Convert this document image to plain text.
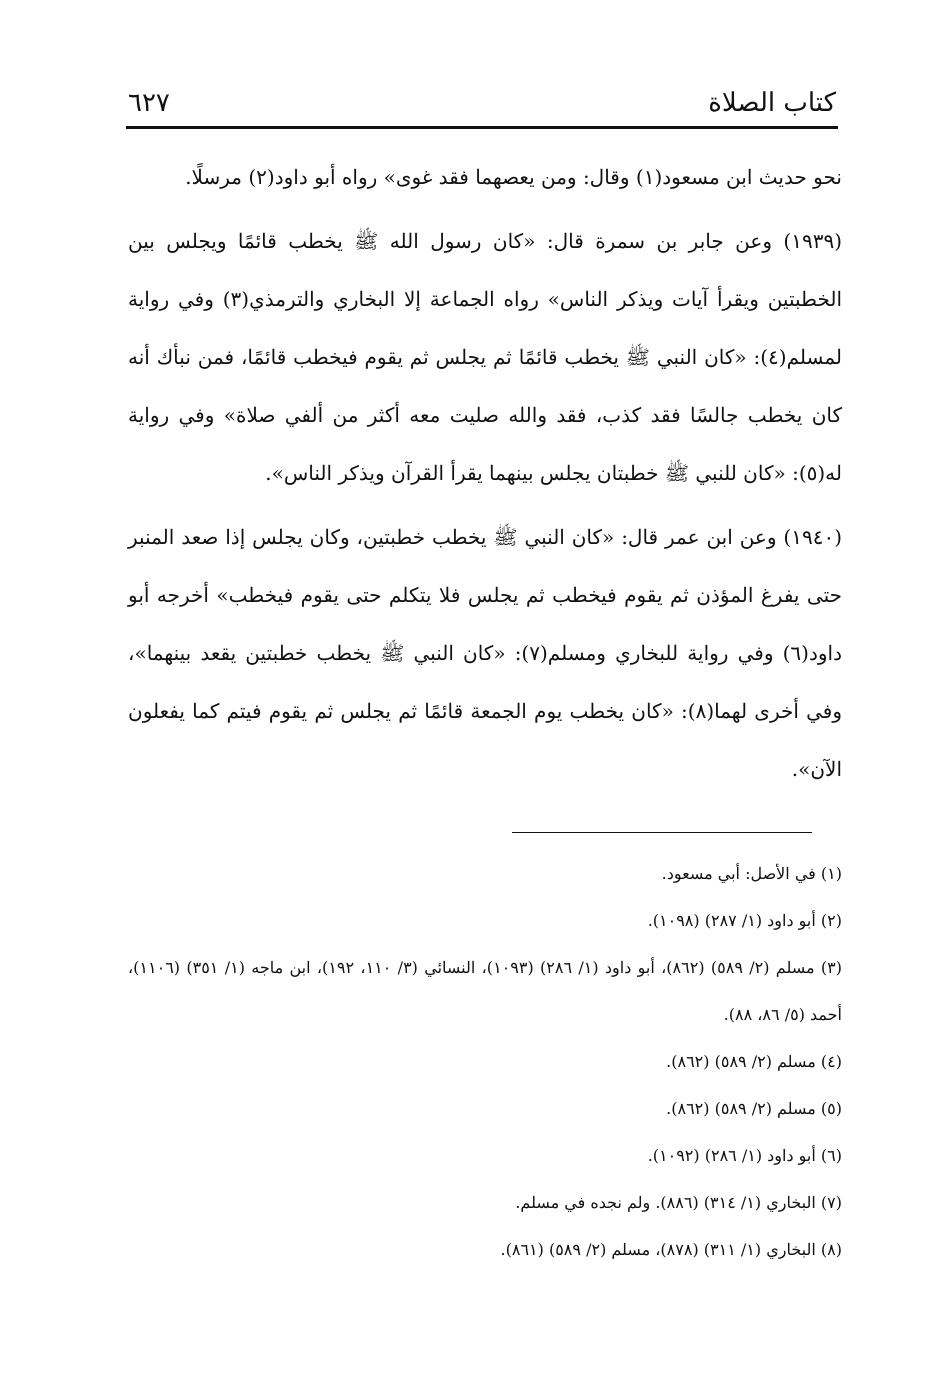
كتاب الصلاة
٦٢٧

نحو حديث ابن مسعود(١) وقال: ومن يعصهما فقد غوى» رواه أبو داود(٢) مرسلًا.

(١٩٣٩) وعن جابر بن سمرة قال: «كان رسول الله ﷺ يخطب قائمًا ويجلس بين الخطبتين ويقرأ آيات ويذكر الناس» رواه الجماعة إلا البخاري والترمذي(٣) وفي رواية لمسلم(٤): «كان النبي ﷺ يخطب قائمًا ثم يجلس ثم يقوم فيخطب قائمًا، فمن نبأك أنه كان يخطب جالسًا فقد كذب، فقد والله صليت معه أكثر من ألفي صلاة» وفي رواية له(٥): «كان للنبي ﷺ خطبتان يجلس بينهما يقرأ القرآن ويذكر الناس».

(١٩٤٠) وعن ابن عمر قال: «كان النبي ﷺ يخطب خطبتين، وكان يجلس إذا صعد المنبر حتى يفرغ المؤذن ثم يقوم فيخطب ثم يجلس فلا يتكلم حتى يقوم فيخطب» أخرجه أبو داود(٦) وفي رواية للبخاري ومسلم(٧): «كان النبي ﷺ يخطب خطبتين يقعد بينهما»، وفي أخرى لهما(٨): «كان يخطب يوم الجمعة قائمًا ثم يجلس ثم يقوم فيتم كما يفعلون الآن».

(١) في الأصل: أبي مسعود.
(٢) أبو داود (١/ ٢٨٧) (١٠٩٨).
(٣) مسلم (٢/ ٥٨٩) (٨٦٢)، أبو داود (١/ ٢٨٦) (١٠٩٣)، النسائي (٣/ ١١٠، ١٩٢)، ابن ماجه (١/ ٣٥١) (١١٠٦)، أحمد (٥/ ٨٦، ٨٨).
(٤) مسلم (٢/ ٥٨٩) (٨٦٢).
(٥) مسلم (٢/ ٥٨٩) (٨٦٢).
(٦) أبو داود (١/ ٢٨٦) (١٠٩٢).
(٧) البخاري (١/ ٣١٤) (٨٨٦). ولم نجده في مسلم.
(٨) البخاري (١/ ٣١١) (٨٧٨)، مسلم (٢/ ٥٨٩) (٨٦١).
